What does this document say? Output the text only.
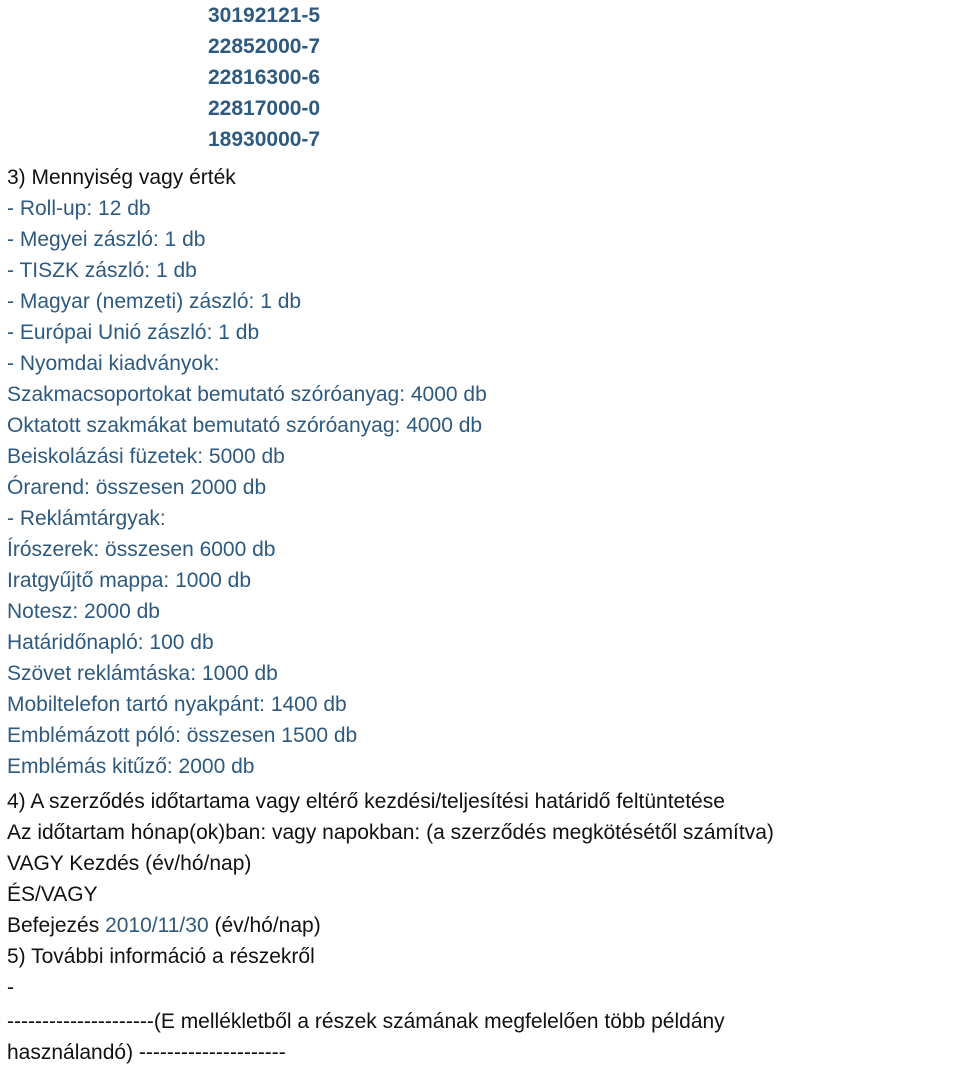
30192121-5
22852000-7
22816300-6
22817000-0
18930000-7
3) Mennyiség vagy érték
- Roll-up: 12 db
- Megyei zászló: 1 db
- TISZK zászló: 1 db
- Magyar (nemzeti) zászló: 1 db
- Európai Unió zászló: 1 db
- Nyomdai kiadványok:
Szakmacsoportokat bemutató szóróanyag: 4000 db
Oktatott szakmákat bemutató szóróanyag: 4000 db
Beiskolázási füzetek: 5000 db
Órarend: összesen 2000 db
- Reklámtárgyak:
Írószerek: összesen 6000 db
Iratgyűjtő mappa: 1000 db
Notesz: 2000 db
Határidőnapló: 100 db
Szövet reklámtáska: 1000 db
Mobiltelefon tartó nyakpánt: 1400 db
Emblémázott póló: összesen 1500 db
Emblémás kitűző: 2000 db
4) A szerződés időtartama vagy eltérő kezdési/teljesítési határidő feltüntetése
Az időtartam hónap(ok)ban: vagy napokban: (a szerződés megkötésétől számítva)
VAGY Kezdés (év/hó/nap)
ÉS/VAGY
Befejezés 2010/11/30 (év/hó/nap)
5) További információ a részekről
-
---------------------(E mellékletből a részek számának megfelelően több példány
használandó) ---------------------
